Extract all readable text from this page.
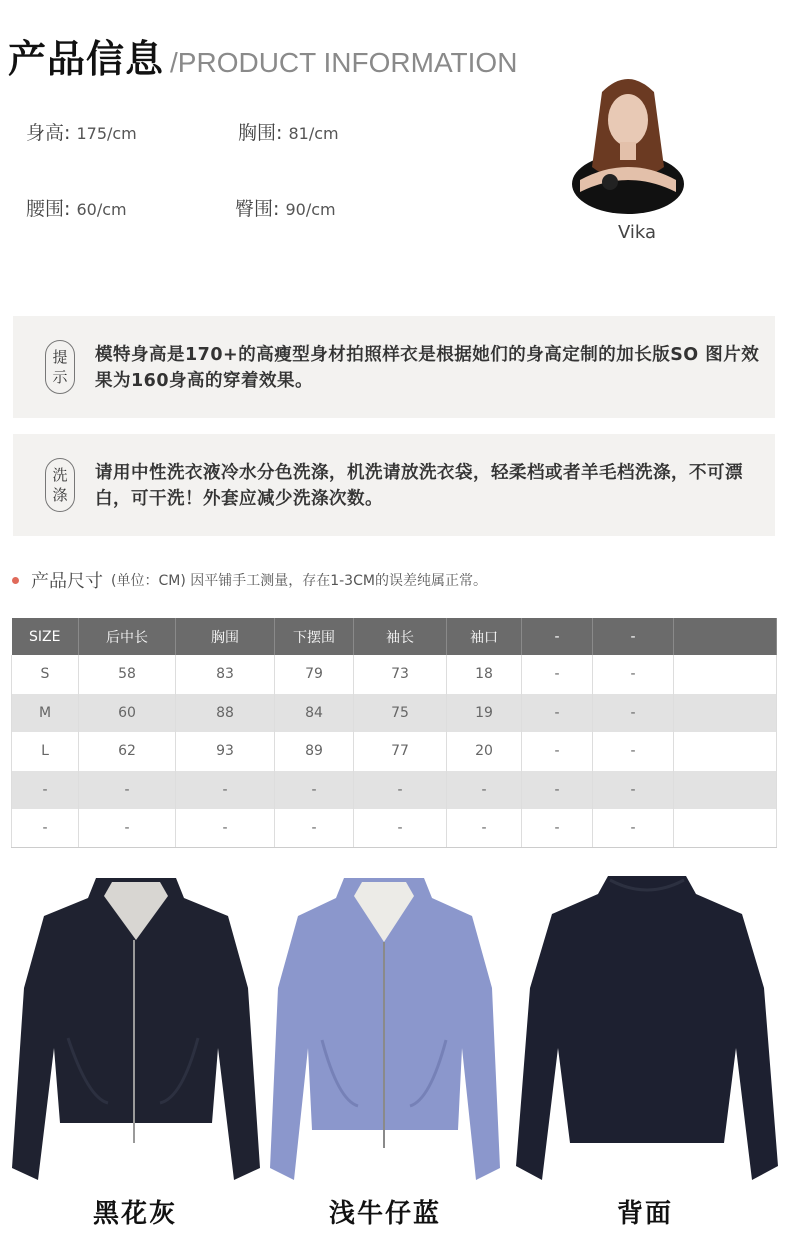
产品信息 /PRODUCT INFORMATION
身高: 175/cm	胸围: 81/cm
腰围: 60/cm	臀围: 90/cm
Vika
提
示
模特身高是170+的高瘦型身材拍照样衣是根据她们的身高定制的加长版SO 图片效果为160身高的穿着效果。
洗
涤
请用中性洗衣液冷水分色洗涤，机洗请放洗衣袋，轻柔档或者羊毛档洗涤，不可漂白，可干洗！外套应减少洗涤次数。
产品尺寸 (单位：CM) 因平铺手工测量，存在1-3CM的误差纯属正常。
SIZE	后中长	胸围	下摆围	袖长	袖口	-	-	
S	58	83	79	73	18	-	-	
M	60	88	84	75	19	-	-	
L	62	93	89	77	20	-	-	
-	-	-	-	-	-	-	-	
-	-	-	-	-	-	-	-	
黑花灰	浅牛仔蓝	背面
